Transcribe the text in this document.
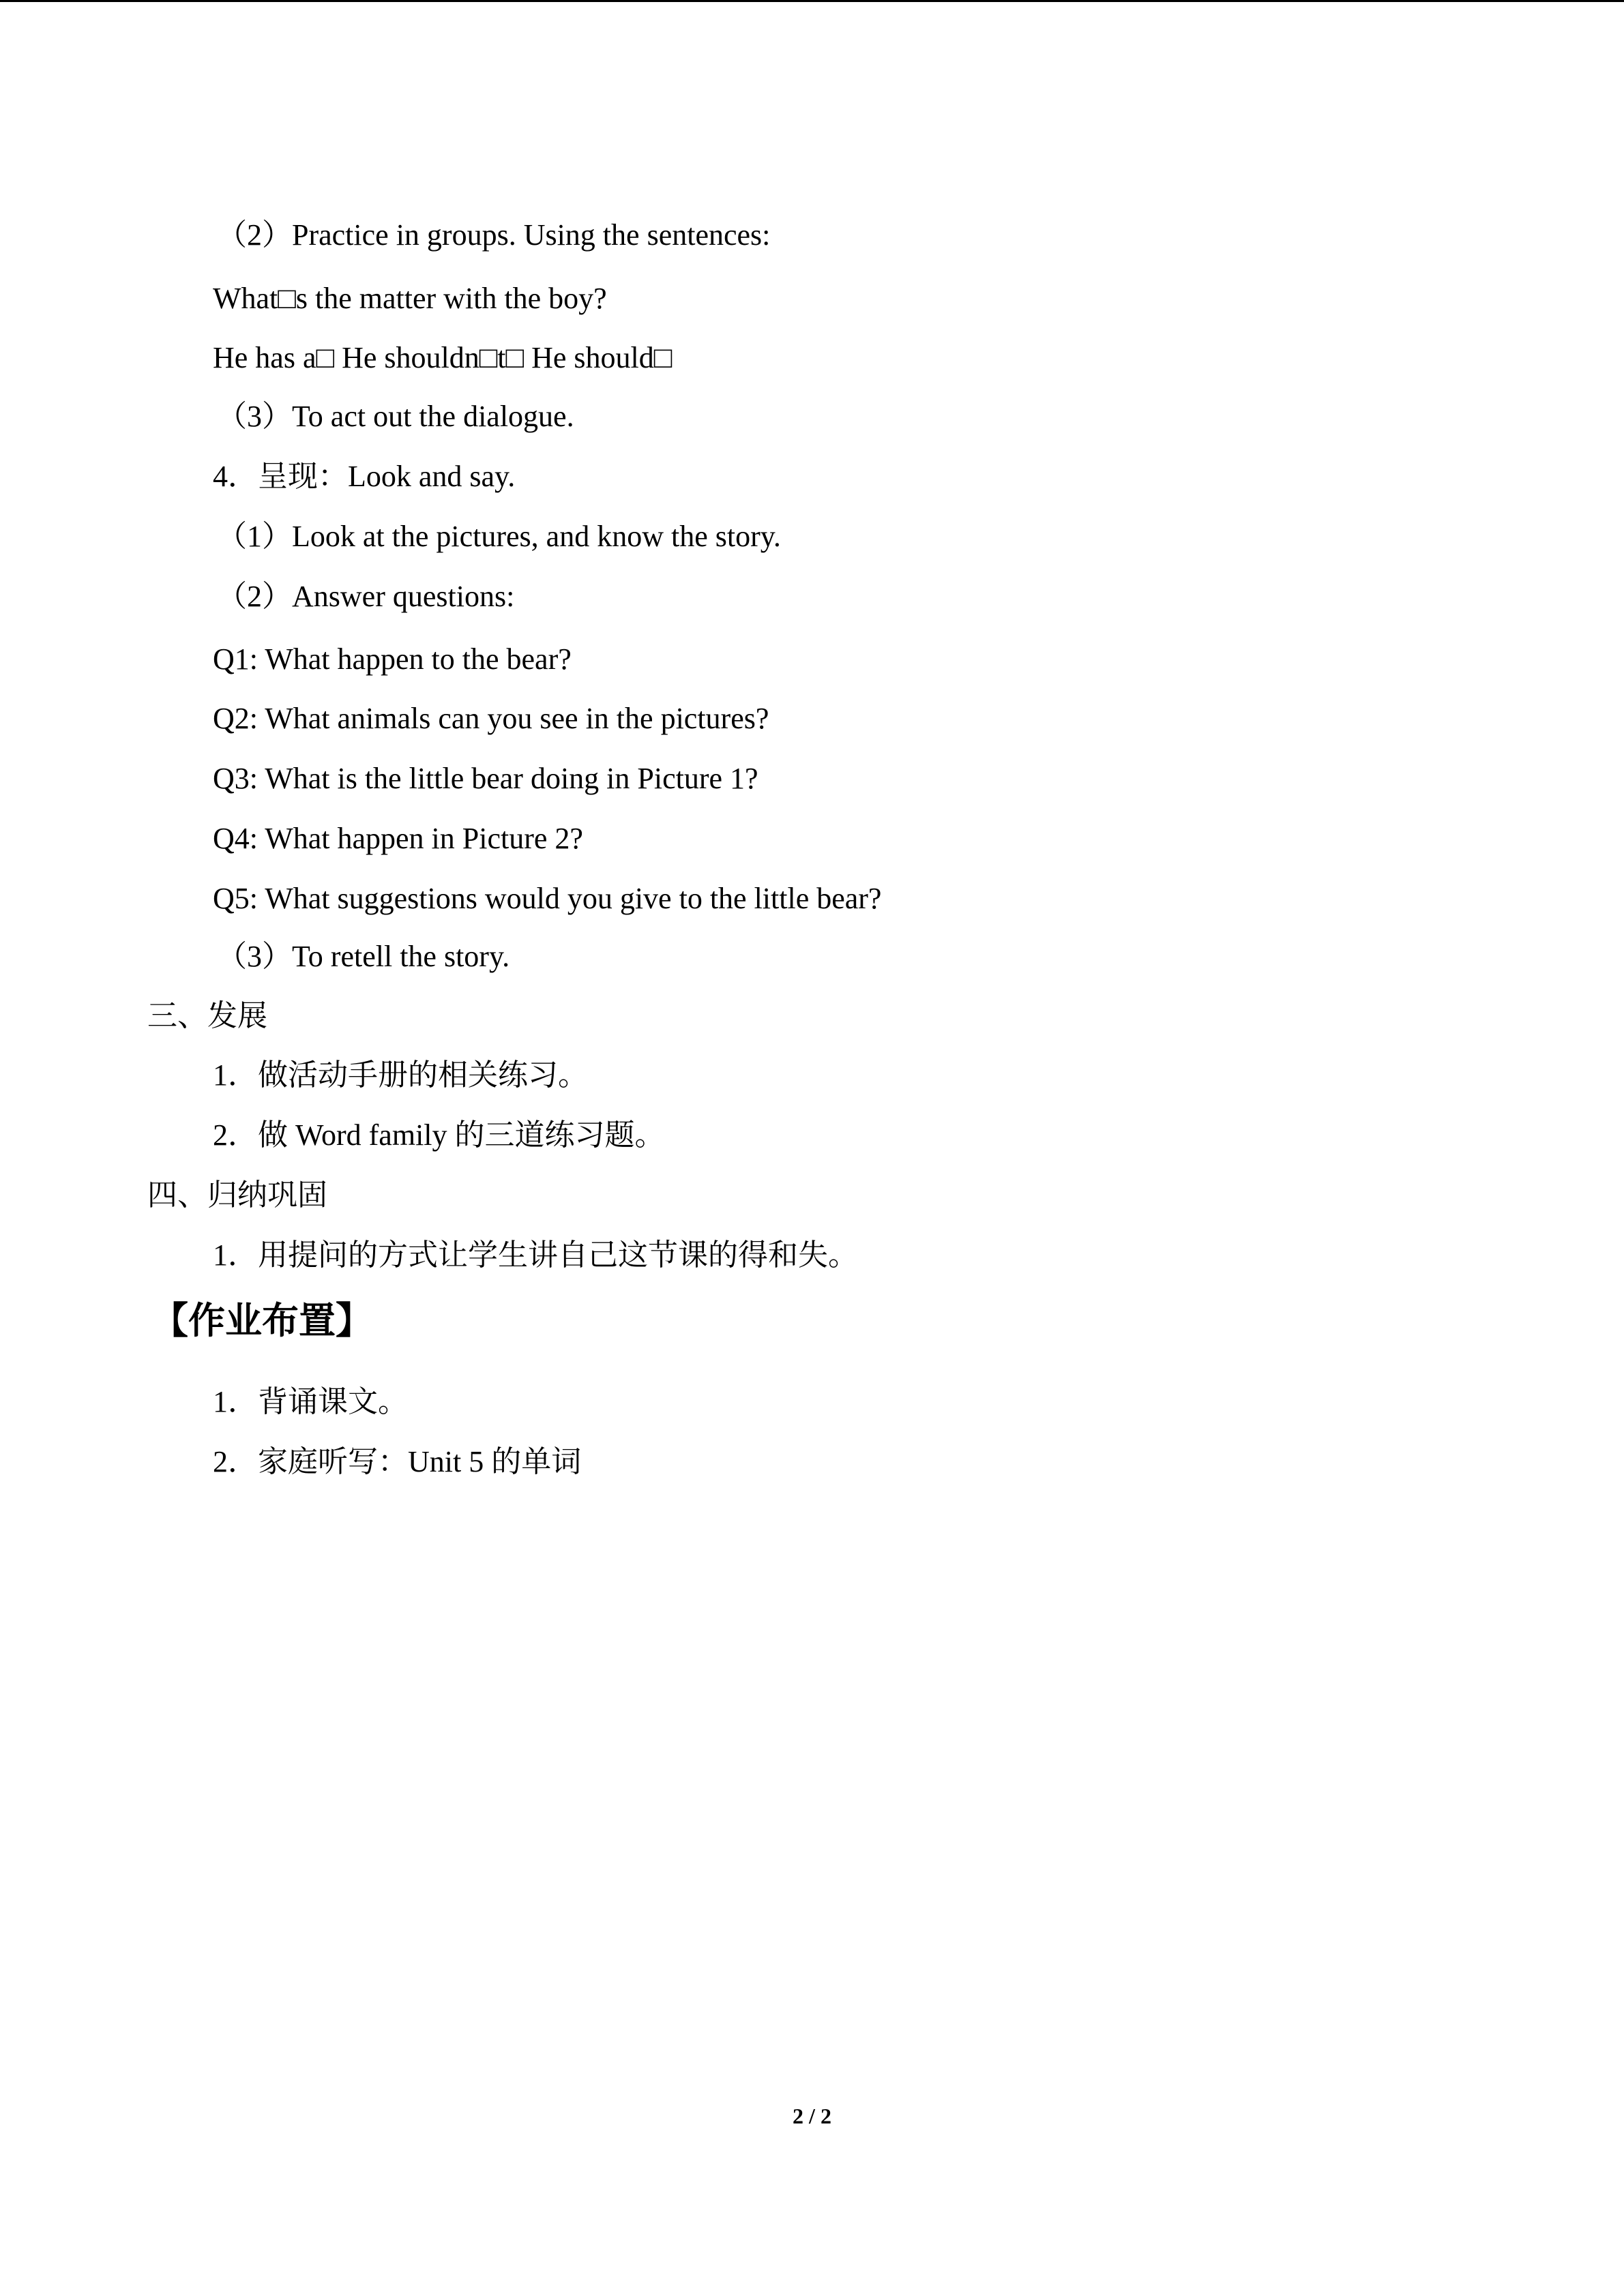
（2）Practice in groups. Using the sentences:
What□s the matter with the boy?
He has a□ He shouldn□t□ He should□
（3）To act out the dialogue.
4．呈现：Look and say.
（1）Look at the pictures, and know the story.
（2）Answer questions:
Q1: What happen to the bear?
Q2: What animals can you see in the pictures?
Q3: What is the little bear doing in Picture 1?
Q4: What happen in Picture 2?
Q5: What suggestions would you give to the little bear?
（3）To retell the story.
三、发展
1．做活动手册的相关练习。
2．做 Word family 的三道练习题。
四、归纳巩固
1．用提问的方式让学生讲自己这节课的得和失。
【作业布置】
1．背诵课文。
2．家庭听写：Unit 5 的单词
2 / 2
